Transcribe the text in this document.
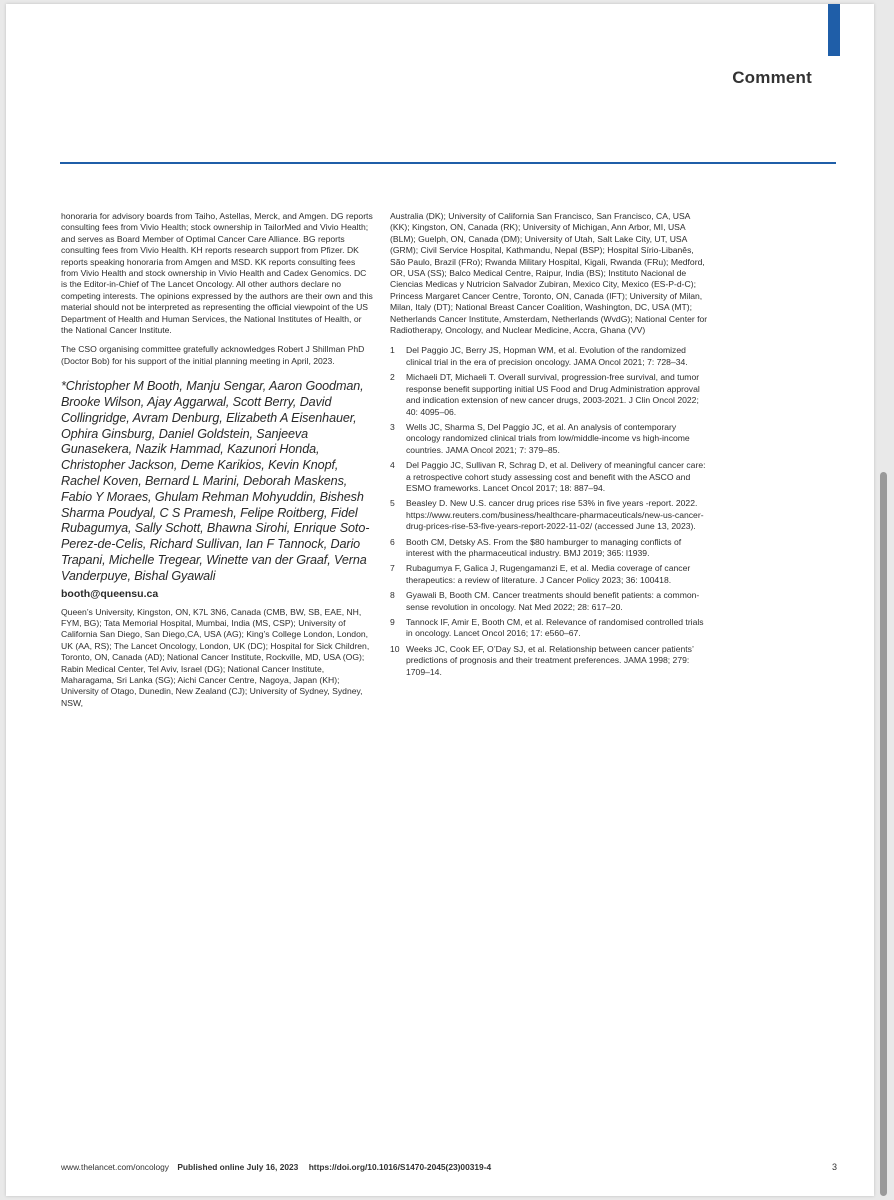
Comment

honoraria for advisory boards from Taiho, Astellas, Merck, and Amgen. DG reports consulting fees from Vivio Health; stock ownership in TailorMed and Vivio Health; and serves as Board Member of Optimal Cancer Care Alliance. BG reports consulting fees from Vivio Health. KH reports research support from Pfizer. DK reports speaking honoraria from Amgen and MSD. KK reports consulting fees from Vivio Health and stock ownership in Vivio Health and Cadex Genomics. DC is the Editor-in-Chief of The Lancet Oncology. All other authors declare no competing interests. The opinions expressed by the authors are their own and this material should not be interpreted as representing the official viewpoint of the US Department of Health and Human Services, the National Institutes of Health, or the National Cancer Institute.

The CSO organising committee gratefully acknowledges Robert J Shillman PhD (Doctor Bob) for his support of the initial planning meeting in April, 2023.

*Christopher M Booth, Manju Sengar, Aaron Goodman, Brooke Wilson, Ajay Aggarwal, Scott Berry, David Collingridge, Avram Denburg, Elizabeth A Eisenhauer, Ophira Ginsburg, Daniel Goldstein, Sanjeeva Gunasekera, Nazik Hammad, Kazunori Honda, Christopher Jackson, Deme Karikios, Kevin Knopf, Rachel Koven, Bernard L Marini, Deborah Maskens, Fabio Y Moraes, Ghulam Rehman Mohyuddin, Bishesh Sharma Poudyal, C S Pramesh, Felipe Roitberg, Fidel Rubagumya, Sally Schott, Bhawna Sirohi, Enrique Soto-Perez-de-Celis, Richard Sullivan, Ian F Tannock, Dario Trapani, Michelle Tregear, Winette van der Graaf, Verna Vanderpuye, Bishal Gyawali

booth@queensu.ca

Queen’s University, Kingston, ON, K7L 3N6, Canada (CMB, BW, SB, EAE, NH, FYM, BG); Tata Memorial Hospital, Mumbai, India (MS, CSP); University of California San Diego, San Diego,CA, USA (AG); King’s College London, London, UK (AA, RS); The Lancet Oncology, London, UK (DC); Hospital for Sick Children, Toronto, ON, Canada (AD); National Cancer Institute, Rockville, MD, USA (OG); Rabin Medical Center, Tel Aviv, Israel (DG); National Cancer Institute, Maharagama, Sri Lanka (SG); Aichi Cancer Centre, Nagoya, Japan (KH); University of Otago, Dunedin, New Zealand (CJ); University of Sydney, Sydney, NSW,

Australia (DK); University of California San Francisco, San Francisco, CA, USA (KK); Kingston, ON, Canada (RK); University of Michigan, Ann Arbor, MI, USA (BLM); Guelph, ON, Canada (DM); University of Utah, Salt Lake City, UT, USA (GRM); Civil Service Hospital, Kathmandu, Nepal (BSP); Hospital Sírio-Libanês, São Paulo, Brazil (FRo); Rwanda Military Hospital, Kigali, Rwanda (FRu); Medford, OR, USA (SS); Balco Medical Centre, Raipur, India (BS); Instituto Nacional de Ciencias Medicas y Nutricion Salvador Zubiran, Mexico City, Mexico (ES-P-d-C); Princess Margaret Cancer Centre, Toronto, ON, Canada (IFT); University of Milan, Milan, Italy (DT); National Breast Cancer Coalition, Washington, DC, USA (MT); Netherlands Cancer Institute, Amsterdam, Netherlands (WvdG); National Center for Radiotherapy, Oncology, and Nuclear Medicine, Accra, Ghana (VV)

1 Del Paggio JC, Berry JS, Hopman WM, et al. Evolution of the randomized clinical trial in the era of precision oncology. JAMA Oncol 2021; 7: 728–34.
2 Michaeli DT, Michaeli T. Overall survival, progression-free survival, and tumor response benefit supporting initial US Food and Drug Administration approval and indication extension of new cancer drugs, 2003-2021. J Clin Oncol 2022; 40: 4095–06.
3 Wells JC, Sharma S, Del Paggio JC, et al. An analysis of contemporary oncology randomized clinical trials from low/middle-income vs high-income countries. JAMA Oncol 2021; 7: 379–85.
4 Del Paggio JC, Sullivan R, Schrag D, et al. Delivery of meaningful cancer care: a retrospective cohort study assessing cost and benefit with the ASCO and ESMO frameworks. Lancet Oncol 2017; 18: 887–94.
5 Beasley D. New U.S. cancer drug prices rise 53% in five years -report. 2022. https://www.reuters.com/business/healthcare-pharmaceuticals/new-us-cancer-drug-prices-rise-53-five-years-report-2022-11-02/ (accessed June 13, 2023).
6 Booth CM, Detsky AS. From the $80 hamburger to managing conflicts of interest with the pharmaceutical industry. BMJ 2019; 365: l1939.
7 Rubagumya F, Galica J, Rugengamanzi E, et al. Media coverage of cancer therapeutics: a review of literature. J Cancer Policy 2023; 36: 100418.
8 Gyawali B, Booth CM. Cancer treatments should benefit patients: a common-sense revolution in oncology. Nat Med 2022; 28: 617–20.
9 Tannock IF, Amir E, Booth CM, et al. Relevance of randomised controlled trials in oncology. Lancet Oncol 2016; 17: e560–67.
10 Weeks JC, Cook EF, O’Day SJ, et al. Relationship between cancer patients’ predictions of prognosis and their treatment preferences. JAMA 1998; 279: 1709–14.
www.thelancet.com/oncology Published online July 16, 2023 https://doi.org/10.1016/S1470-2045(23)00319-4	3
